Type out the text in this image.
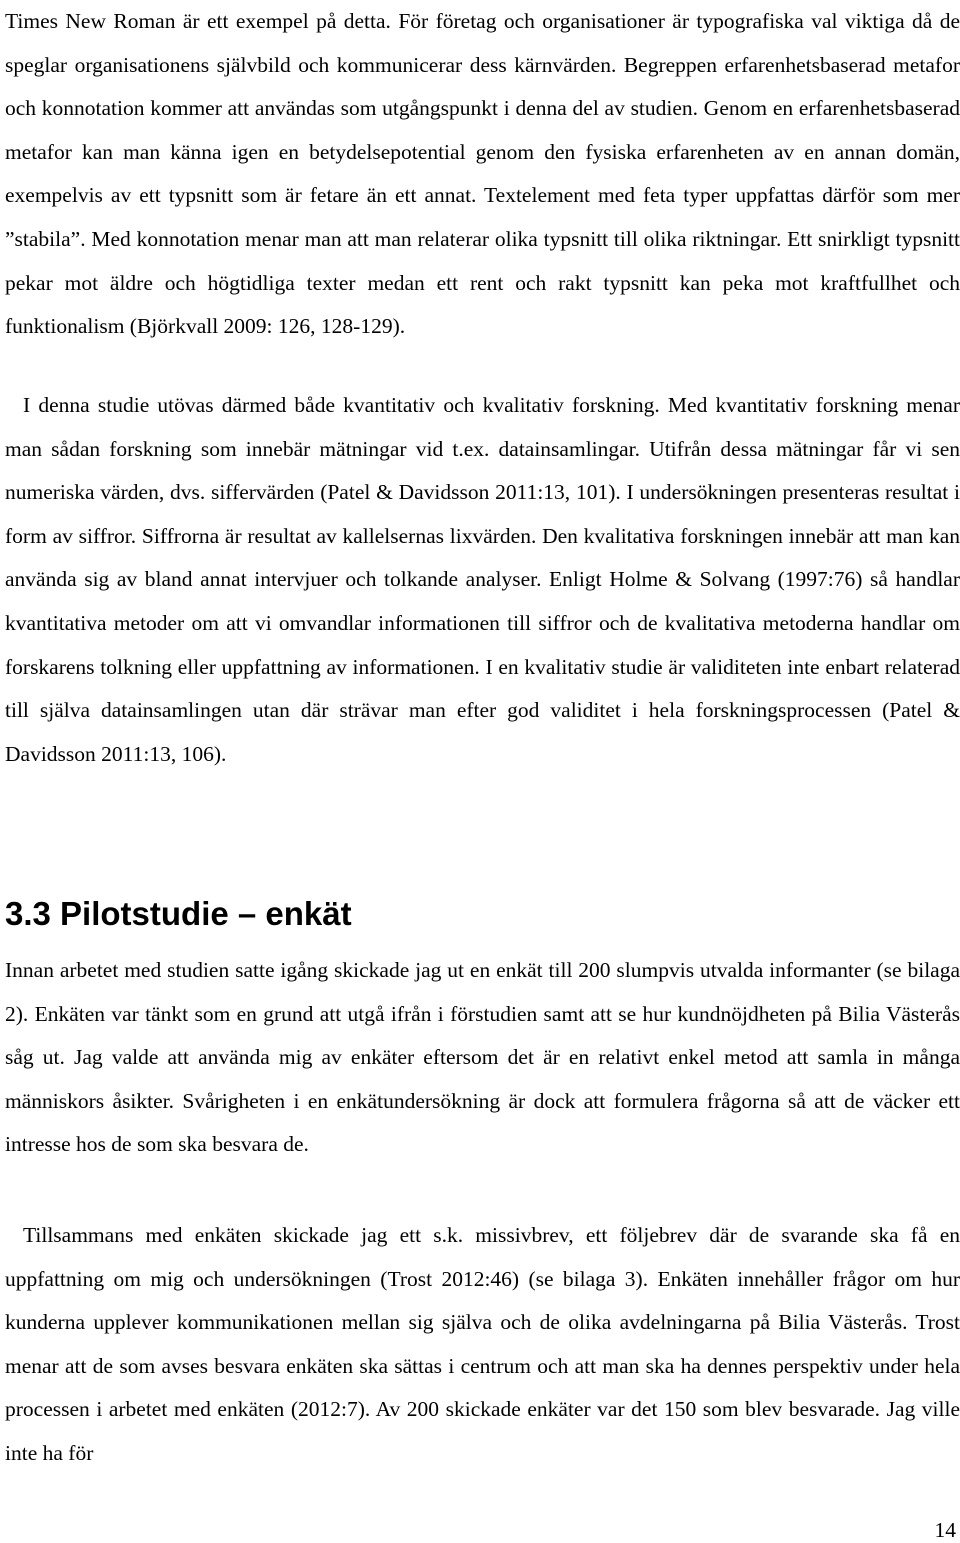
Times New Roman är ett exempel på detta. För företag och organisationer är typografiska val viktiga då de speglar organisationens självbild och kommunicerar dess kärnvärden. Begreppen erfarenhetsbaserad metafor och konnotation kommer att användas som utgångspunkt i denna del av studien. Genom en erfarenhetsbaserad metafor kan man känna igen en betydelsepotential genom den fysiska erfarenheten av en annan domän, exempelvis av ett typsnitt som är fetare än ett annat. Textelement med feta typer uppfattas därför som mer ”stabila”. Med konnotation menar man att man relaterar olika typsnitt till olika riktningar. Ett snirkligt typsnitt pekar mot äldre och högtidliga texter medan ett rent och rakt typsnitt kan peka mot kraftfullhet och funktionalism (Björkvall 2009: 126, 128-129).

I denna studie utövas därmed både kvantitativ och kvalitativ forskning. Med kvantitativ forskning menar man sådan forskning som innebär mätningar vid t.ex. datainsamlingar. Utifrån dessa mätningar får vi sen numeriska värden, dvs. siffervärden (Patel & Davidsson 2011:13, 101). I undersökningen presenteras resultat i form av siffror. Siffrorna är resultat av kallelsernas lixvärden. Den kvalitativa forskningen innebär att man kan använda sig av bland annat intervjuer och tolkande analyser. Enligt Holme & Solvang (1997:76) så handlar kvantitativa metoder om att vi omvandlar informationen till siffror och de kvalitativa metoderna handlar om forskarens tolkning eller uppfattning av informationen. I en kvalitativ studie är validiteten inte enbart relaterad till själva datainsamlingen utan där strävar man efter god validitet i hela forskningsprocessen (Patel & Davidsson 2011:13, 106).

3.3 Pilotstudie – enkät

Innan arbetet med studien satte igång skickade jag ut en enkät till 200 slumpvis utvalda informanter (se bilaga 2). Enkäten var tänkt som en grund att utgå ifrån i förstudien samt att se hur kundnöjdheten på Bilia Västerås såg ut. Jag valde att använda mig av enkäter eftersom det är en relativt enkel metod att samla in många människors åsikter. Svårigheten i en enkätundersökning är dock att formulera frågorna så att de väcker ett intresse hos de som ska besvara de.

Tillsammans med enkäten skickade jag ett s.k. missivbrev, ett följebrev där de svarande ska få en uppfattning om mig och undersökningen (Trost 2012:46) (se bilaga 3). Enkäten innehåller frågor om hur kunderna upplever kommunikationen mellan sig själva och de olika avdelningarna på Bilia Västerås. Trost menar att de som avses besvara enkäten ska sättas i centrum och att man ska ha dennes perspektiv under hela processen i arbetet med enkäten (2012:7). Av 200 skickade enkäter var det 150 som blev besvarade. Jag ville inte ha för

14
